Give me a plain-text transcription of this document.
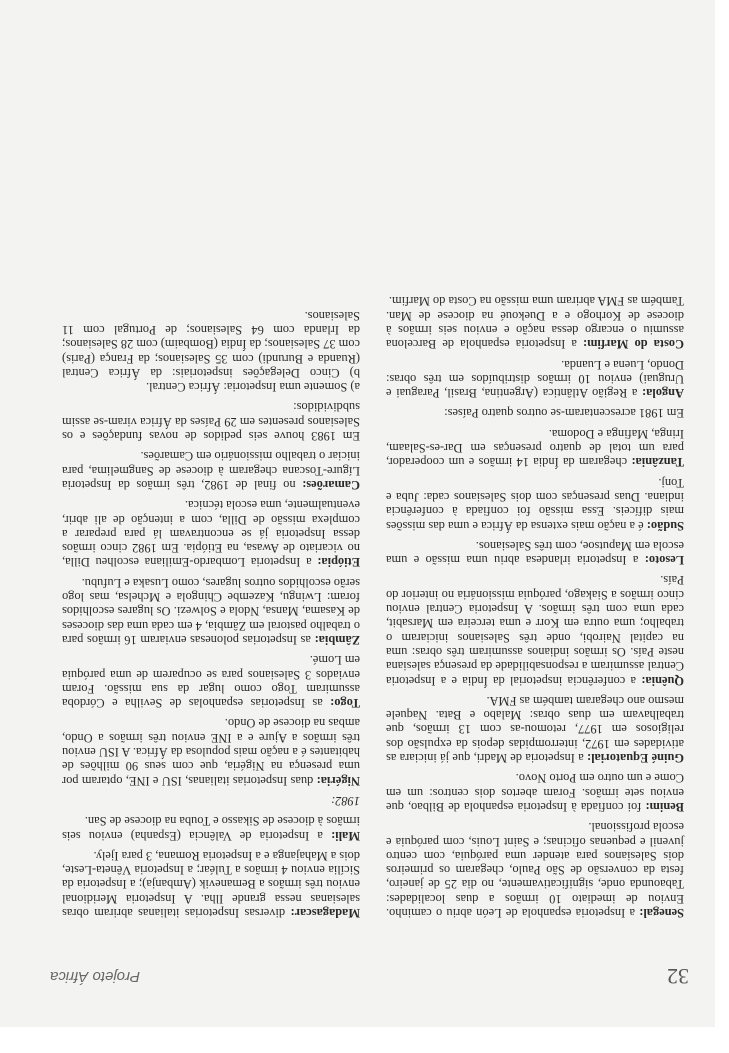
32
Projeto África

Senegal: a Inspetoria espanhola de León abriu o caminho. Enviou de imediato 10 irmãos a duas localidades: Tabaounda onde, significativamente, no dia 25 de janeiro, festa da conversão de São Paulo, chegaram os primeiros dois Salesianos para atender uma paróquia, com centro juvenil e pequenas oficinas; e Saint Louis, com paróquia e escola profissional.

Benim: foi confiada à Inspetoria espanhola de Bilbao, que enviou sete irmãos. Foram abertos dois centros: um em Come e um outro em Porto Novo.

Guiné Equatorial: a Inspetoria de Madri, que já iniciara as atividades em 1972, interrompidas depois da expulsão dos religiosos em 1977, retomou-as com 13 irmãos, que trabalhavam em duas obras: Malabo e Bata. Naquele mesmo ano chegaram também as FMA.

Quênia: a conferência inspetorial da Índia e a Inspetoria Central assumiram a responsabilidade da presença salesiana neste País. Os irmãos indianos assumiram três obras: uma na capital Nairobi, onde três Salesianos iniciaram o trabalho; uma outra em Korr e uma terceira em Marsabit, cada uma com três irmãos. A Inspetoria Central enviou cinco irmãos a Siakago, paróquia missionária no interior do País.

Lesoto: a Inspetoria irlandesa abriu uma missão e uma escola em Maputsoe, com três Salesianos.

Sudão: é a nação mais extensa da África e uma das missões mais difíceis. Essa missão foi confiada à conferência indiana. Duas presenças com dois Salesianos cada: Juba e Tonj.

Tanzânia: chegaram da Índia 14 irmãos e um cooperador, para um total de quatro presenças em Dar-es-Salaam, Iringa, Mafinga e Dodoma.

Em 1981 acrescentaram-se outros quatro Países:

Angola: a Região Atlântica (Argentina, Brasil, Paraguai e Uruguai) enviou 10 irmãos distribuídos em três obras: Dondo, Luena e Luanda.

Costa do Marfim: a Inspetoria espanhola de Barcelona assumiu o encargo dessa nação e enviou seis irmãos à diocese de Korhogo e a Duekoué na diocese de Man. Também as FMA abriram uma missão na Costa do Marfim.

Madagascar: diversas Inspetorias italianas abriram obras salesianas nessa grande Ilha. A Inspetoria Meridional enviou três irmãos a Bemanevik (Ambanja); a Inspetoria da Sicília enviou 4 irmãos a Tuléar; a Inspetoria Vêneta-Leste, dois a Mahajanga e a Inspetoria Romana, 3 para Ijely.

Mali: a Inspetoria de Valência (Espanha) enviou seis irmãos à diocese de Sikasso e Touba na diocese de San.

1982:

Nigéria: duas Inspetorias italianas, ISU e INE, optaram por uma presença na Nigéria, que com seus 90 milhões de habitantes é a nação mais populosa da África. A ISU enviou três irmãos a Ajure e a INE enviou três irmãos a Ondo, ambas na diocese de Ondo.

Togo: as Inspetorias espanholas de Sevilha e Córdoba assumiram Togo como lugar da sua missão. Foram enviados 3 Salesianos para se ocuparem de uma paróquia em Lomé.

Zâmbia: as Inspetorias polonesas enviaram 16 irmãos para o trabalho pastoral em Zâmbia, 4 em cada uma das dioceses de Kasama, Mansa, Ndola e Solwezi. Os lugares escolhidos foram: Lwingu, Kazembe Chingola e Mchelsa, mas logo serão escolhidos outros lugares, como Lusaka e Lufubu.

Etiópia: a Inspetoria Lombardo-Emiliana escolheu Dilla, no vicariato de Awasa, na Etiópia. Em 1982 cinco irmãos dessa Inspetoria já se encontravam lá para preparar a complexa missão de Dilla, com a intenção de ali abrir, eventualmente, uma escola técnica.

Camarões: no final de 1982, três irmãos da Inspetoria Lígure-Toscana chegaram à diocese de Sangmelima, para iniciar o trabalho missionário em Camarões.

Em 1983 houve seis pedidos de novas fundações e os Salesianos presentes em 29 Países da África viram-se assim subdivididos:

a) Somente uma Inspetoria: África Central.
b) Cinco Delegações inspetoriais: da África Central (Ruanda e Burundi) com 35 Salesianos; da França (Paris) com 37 Salesianos; da Índia (Bombaim) com 28 Salesianos; da Irlanda com 64 Salesianos; de Portugal com 11 Salesianos.
